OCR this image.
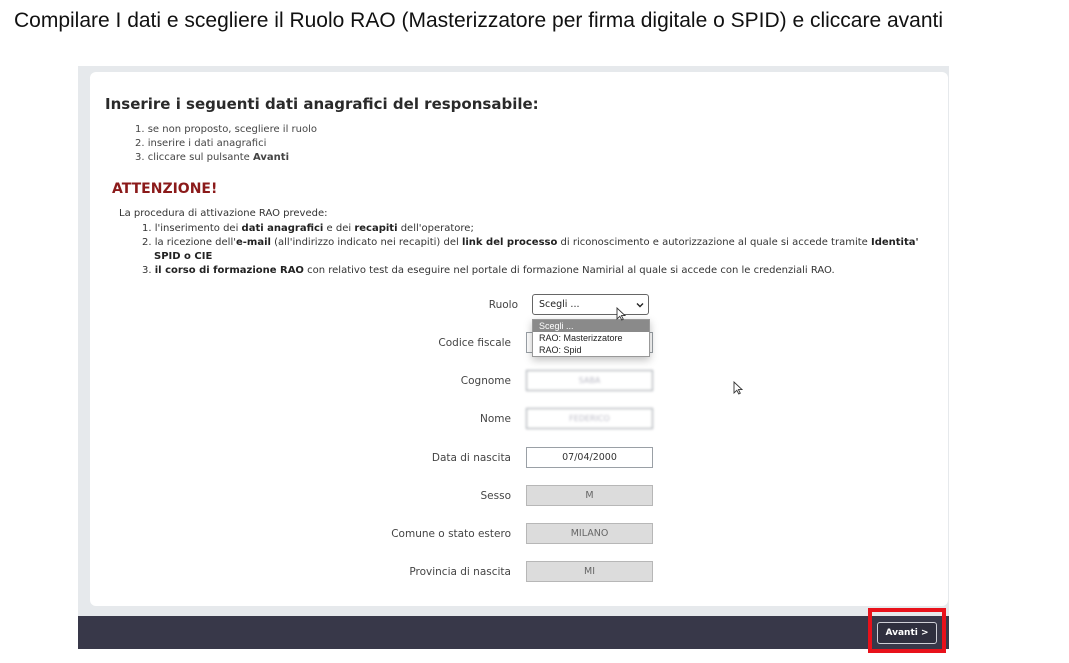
Compilare I dati e scegliere il Ruolo RAO (Masterizzatore per firma digitale o SPID) e cliccare avanti
Inserire i seguenti dati anagrafici del responsabile:
1. se non proposto, scegliere il ruolo
2. inserire i dati anagrafici
3. cliccare sul pulsante Avanti
ATTENZIONE!
La procedura di attivazione RAO prevede:
1. l'inserimento dei dati anagrafici e dei recapiti dell'operatore;
2. la ricezione dell'e-mail (all'indirizzo indicato nei recapiti) del link del processo di riconoscimento e autorizzazione al quale si accede tramite Identita' SPID o CIE
3. il corso di formazione RAO con relativo test da eseguire nel portale di formazione Namirial al quale si accede con le credenziali RAO.
Ruolo	Scegli ...
Codice fiscale
Scegli ...
RAO: Masterizzatore
RAO: Spid
Cognome	SABA
Nome	FEDERICO
Data di nascita	07/04/2000
Sesso	M
Comune o stato estero	MILANO
Provincia di nascita	MI
Avanti >
